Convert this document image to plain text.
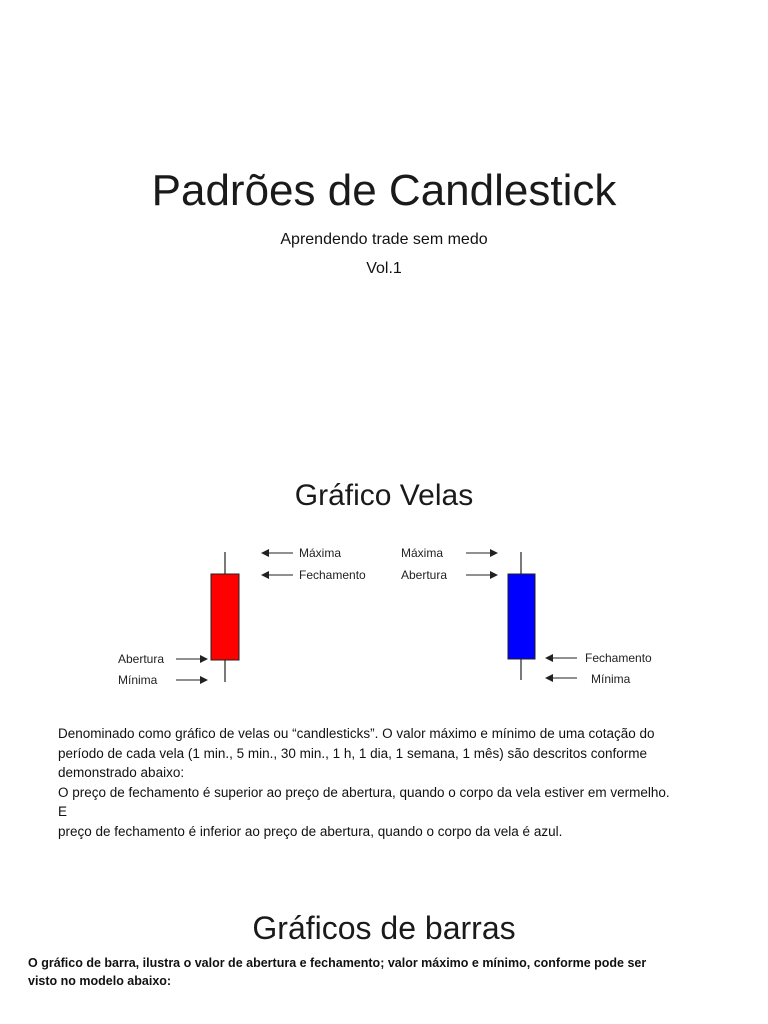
Padrões de Candlestick
Aprendendo trade sem medo
Vol.1
Gráfico Velas
Máxima
Fechamento
Abertura
Mínima
Máxima
Abertura
Fechamento
Mínima
Denominado como gráfico de velas ou “candlesticks”. O valor máximo e mínimo de uma cotação do
período de cada vela (1 min., 5 min., 30 min., 1 h, 1 dia, 1 semana, 1 mês) são descritos conforme
demonstrado abaixo:
O preço de fechamento é superior ao preço de abertura, quando o corpo da vela estiver em vermelho.
E
preço de fechamento é inferior ao preço de abertura, quando o corpo da vela é azul.
Gráficos de barras
O gráfico de barra, ilustra o valor de abertura e fechamento; valor máximo e mínimo, conforme pode ser
visto no modelo abaixo:
